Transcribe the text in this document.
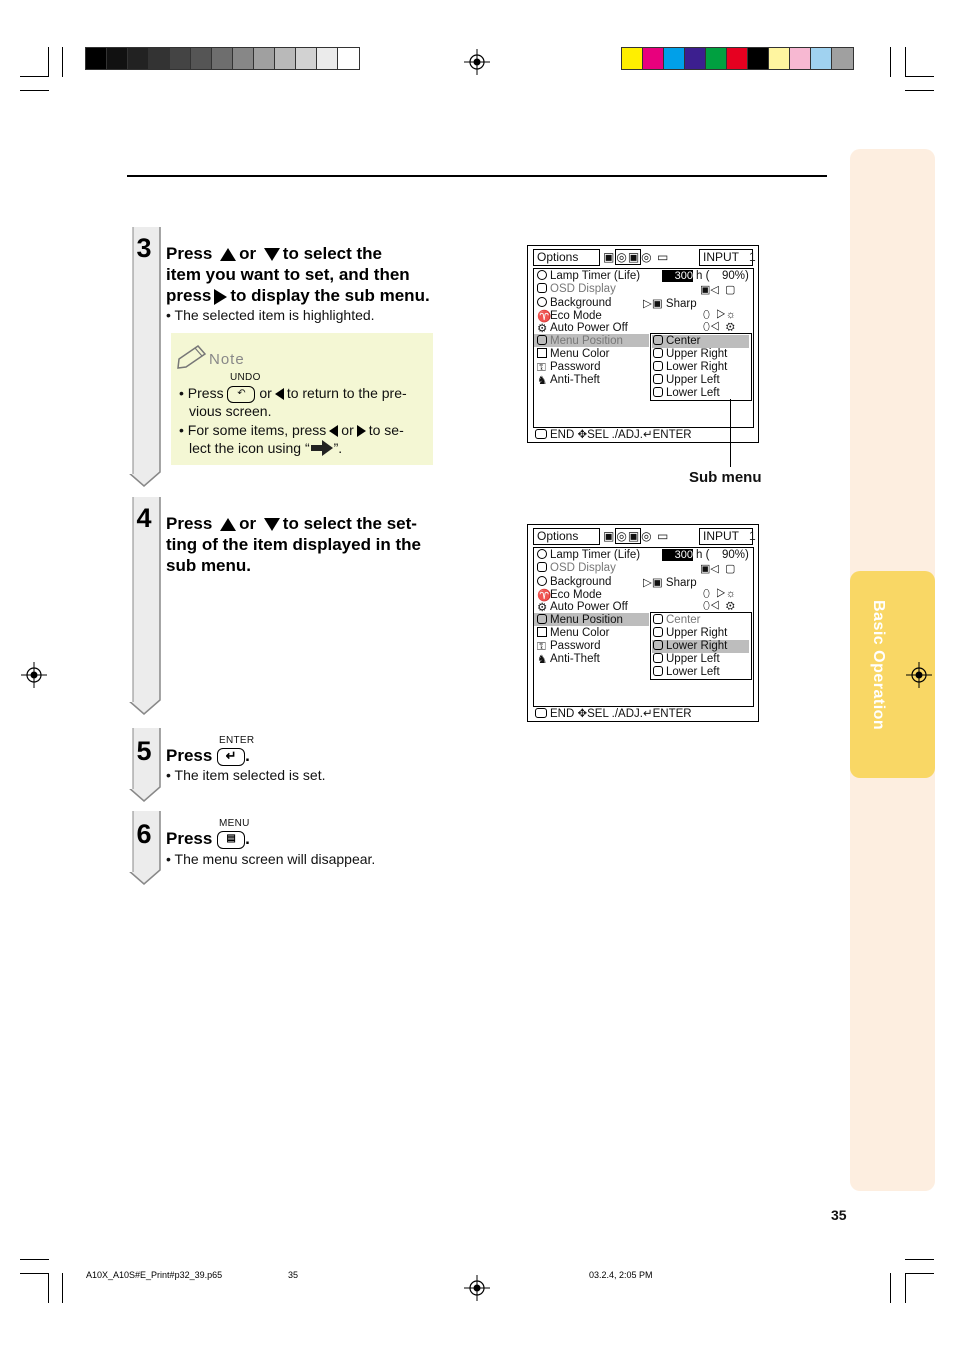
Basic Operation
3
4
5
6
Press or to select the
item you want to set, and then
press to display the sub menu.
• The selected item is highlighted.
Note
UNDO
• Press ↶ or to return to the pre-
vious screen.
• For some items, press or to se-
lect the icon using “ ”.
Press or to select the set-
ting of the item displayed in the
sub menu.
ENTER
Press ↵ .
• The item selected is set.
MENU
Press ▤ .
• The menu screen will disappear.
Options	▣◎▣◎ ▭	INPUT 1
Lamp Timer (Life)	300 h ( 90%)
OSD Display	▣◁  ▢
Background	▷▣ Sharp
♈Eco Mode	⬯  ▷☼
⚙ Auto Power Off	⬯◁  ⚙
Menu Position
Menu Color
⚿ Password
♞ Anti-Theft
Center
Upper Right
Lower Right
Upper Left
Lower Left
END ✥SEL ./ADJ.↵ENTER
Sub menu
Options	▣◎▣◎ ▭	INPUT 1
Lamp Timer (Life)	300 h ( 90%)
OSD Display	▣◁  ▢
Background	▷▣ Sharp
♈Eco Mode	⬯  ▷☼
⚙ Auto Power Off	⬯◁  ⚙
Menu Position
Menu Color
⚿ Password
♞ Anti-Theft
Center
Upper Right
Lower Right
Upper Left
Lower Left
END ✥SEL ./ADJ.↵ENTER
35
A10X_A10S#E_Print#p32_39.p65	35	03.2.4, 2:05 PM
